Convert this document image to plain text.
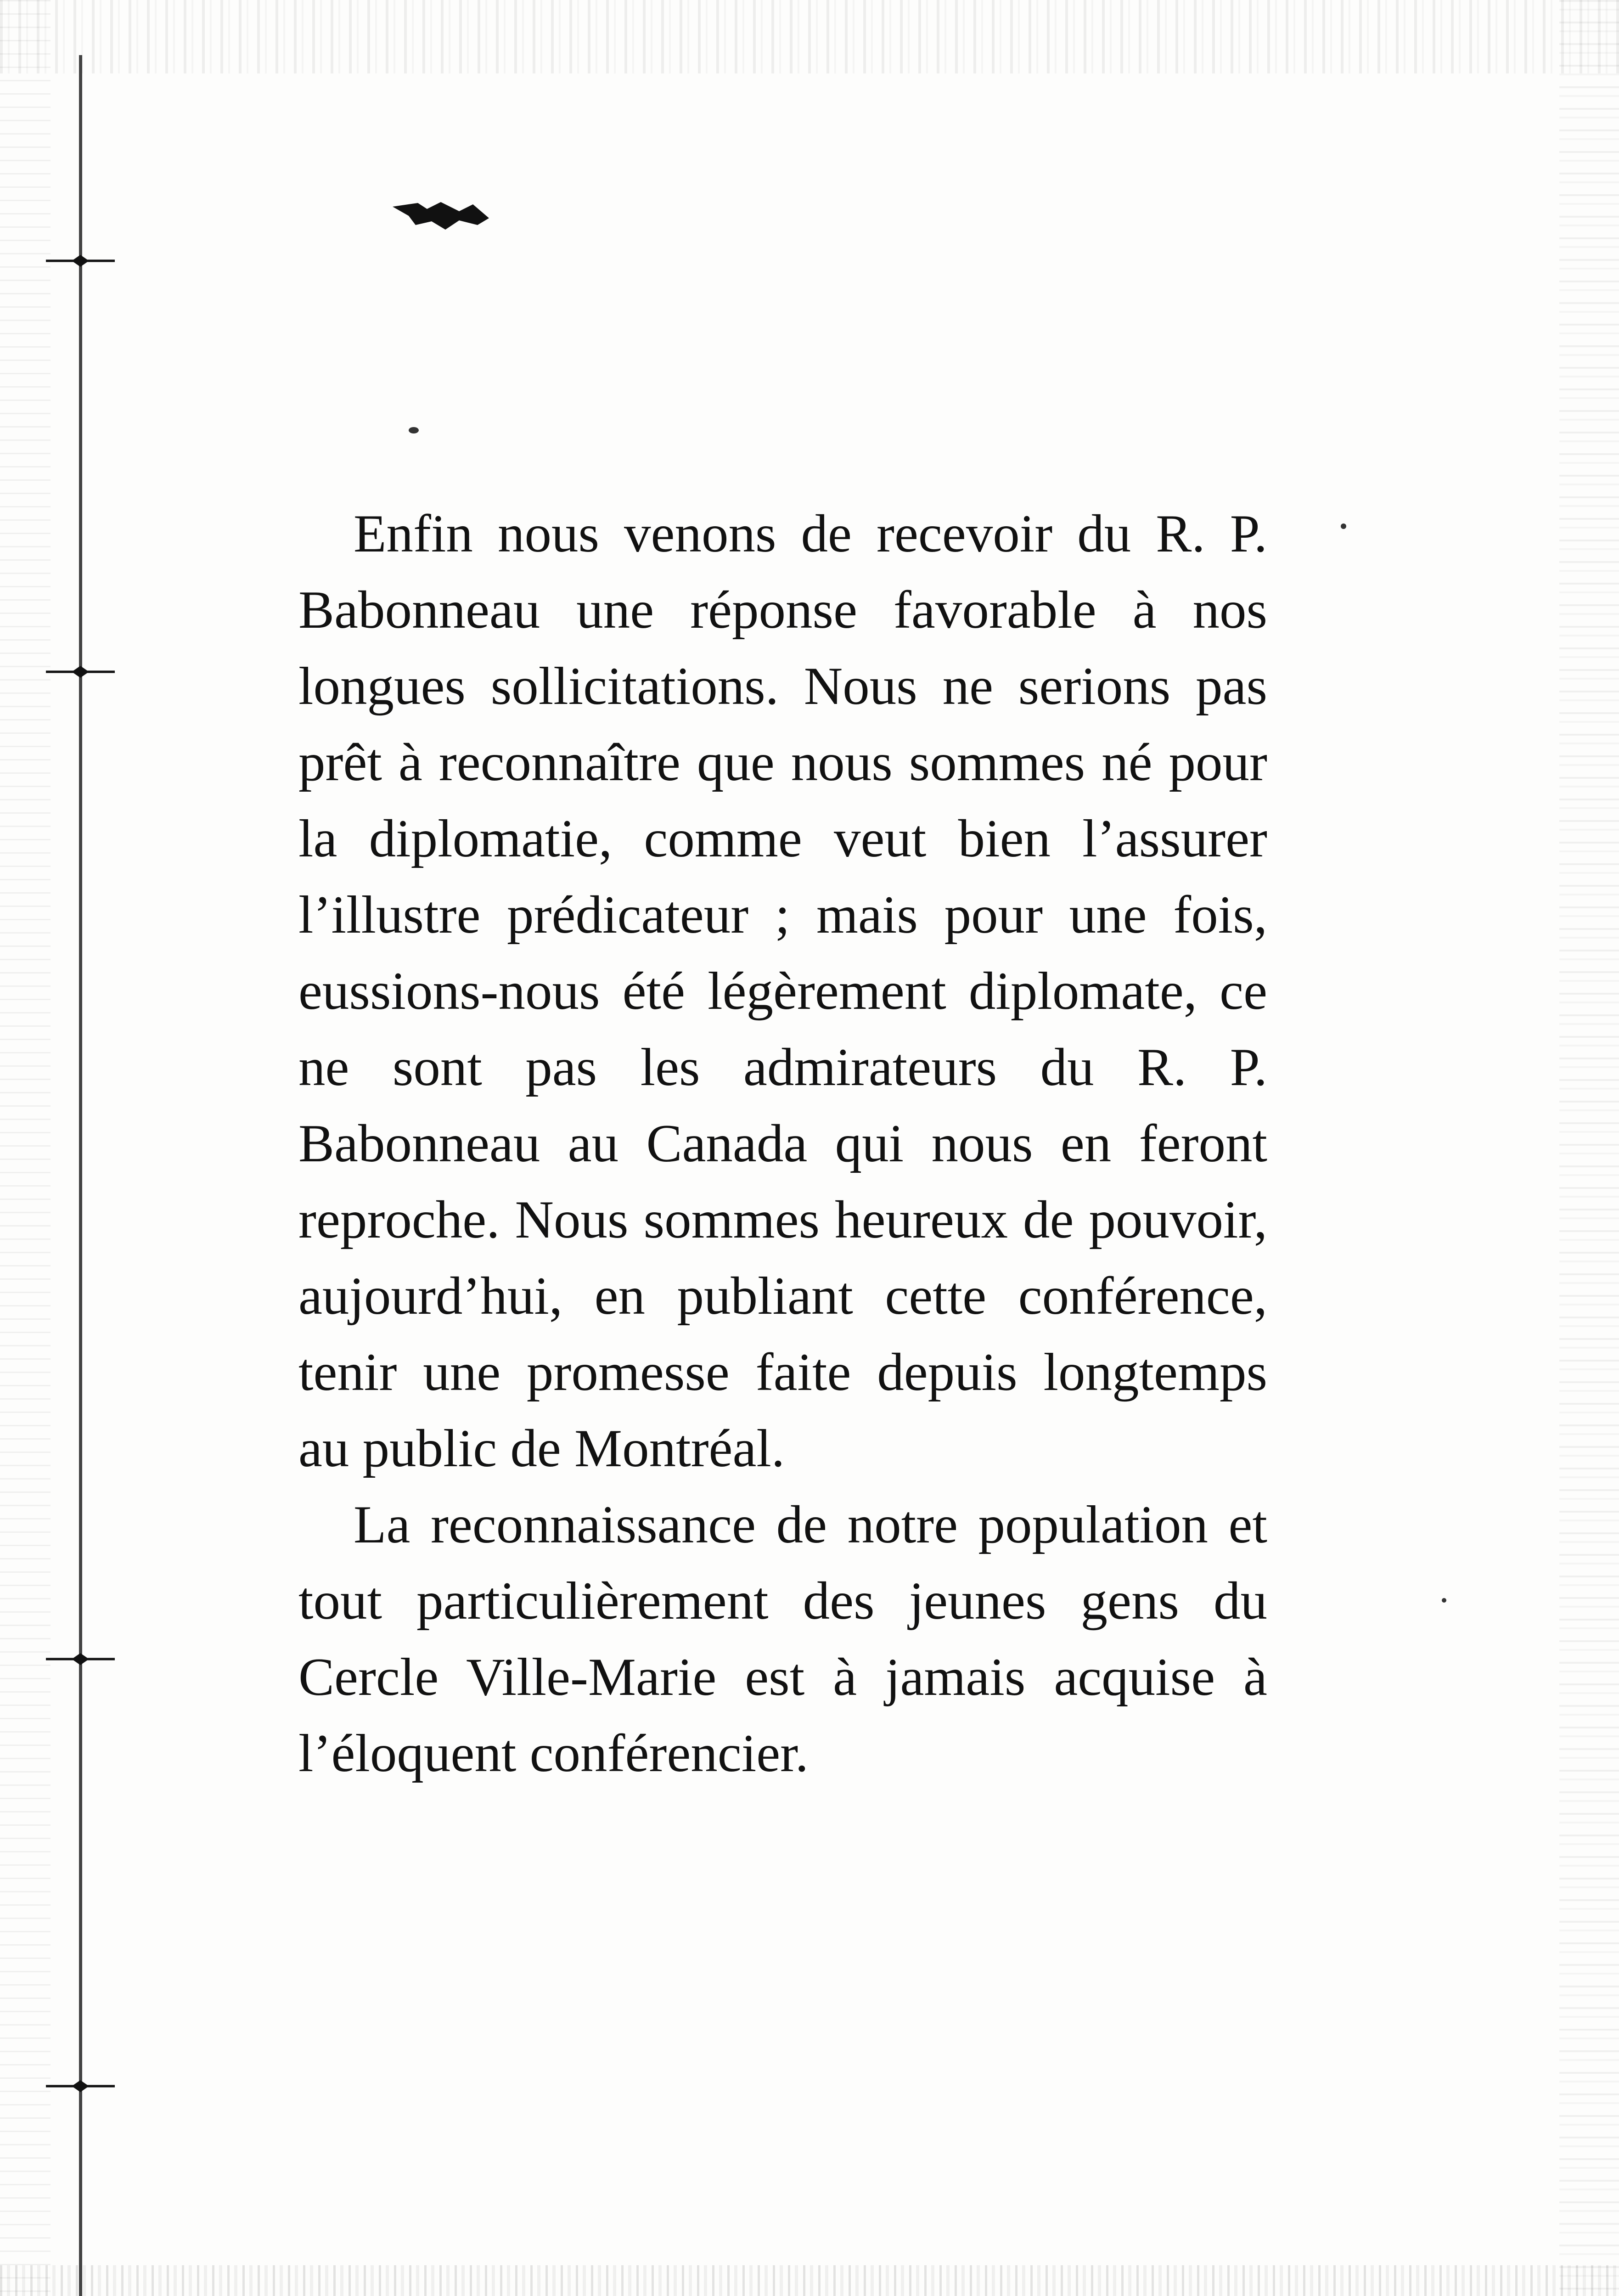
Enfin nous venons de recevoir du R. P. Babonneau une réponse favorable à nos longues sollicitations. Nous ne serions pas prêt à reconnaître que nous sommes né pour la diplomatie, comme veut bien l’assurer l’illustre prédicateur ; mais pour une fois, eussions-nous été légèrement diplomate, ce ne sont pas les admirateurs du R. P. Babonneau au Canada qui nous en feront reproche. Nous sommes heureux de pouvoir, aujourd’hui, en publiant cette conférence, tenir une promesse faite depuis longtemps au public de Montréal.

La reconnaissance de notre population et tout particulièrement des jeunes gens du Cercle Ville-Marie est à jamais acquise à l’éloquent conférencier.
